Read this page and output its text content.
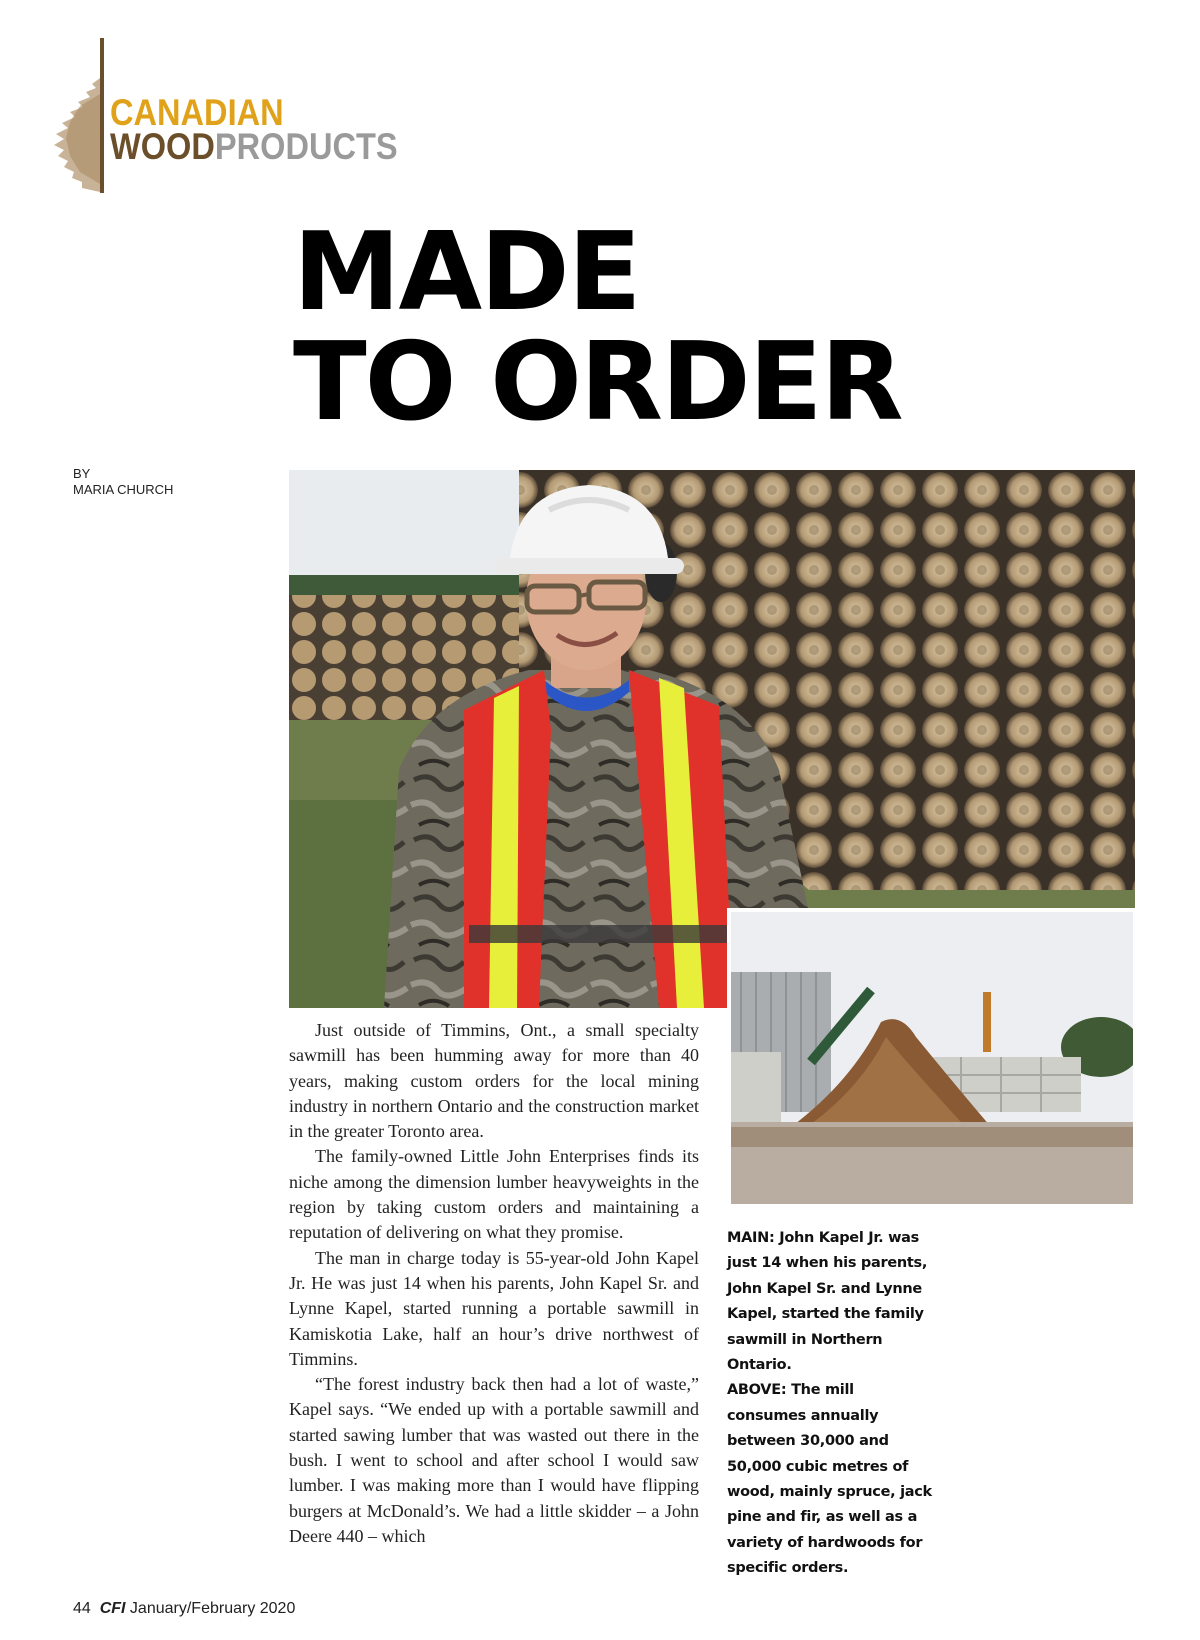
CANADIAN
WOODPRODUCTS
MADE
TO ORDER
BY
MARIA CHURCH

Just outside of Timmins, Ont., a small specialty sawmill has been humming away for more than 40 years, making custom orders for the local mining industry in northern Ontario and the construction market in the greater Toronto area.

The family-owned Little John Enterprises finds its niche among the dimension lumber heavyweights in the region by taking custom orders and maintaining a reputation of delivering on what they promise.

The man in charge today is 55-year-old John Kapel Jr. He was just 14 when his parents, John Kapel Sr. and Lynne Kapel, started running a portable sawmill in Kamiskotia Lake, half an hour’s drive northwest of Timmins.

“The forest industry back then had a lot of waste,” Kapel says. “We ended up with a portable sawmill and started sawing lumber that was wasted out there in the bush. I went to school and after school I would saw lumber. I was making more than I would have flipping burgers at McDonald’s. We had a little skidder – a John Deere 440 – which

MAIN: John Kapel Jr. was just 14 when his parents, John Kapel Sr. and Lynne Kapel, started the family sawmill in Northern Ontario.

ABOVE: The mill consumes annually between 30,000 and 50,000 cubic metres of wood, mainly spruce, jack pine and fir, as well as a variety of hardwoods for specific orders.

44 CFI January/February 2020
